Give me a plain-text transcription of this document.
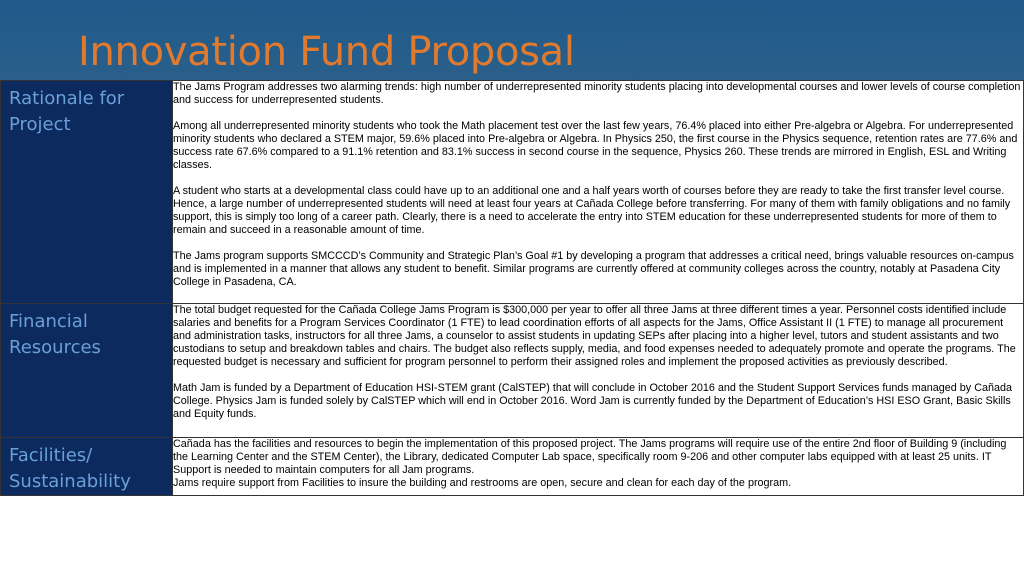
Innovation Fund Proposal
Rationale for Project	The Jams Program addresses two alarming trends: high number of underrepresented minority students placing into developmental courses and lower levels of course completion and success for underrepresented students.

Among all underrepresented minority students who took the Math placement test over the last few years, 76.4% placed into either Pre-algebra or Algebra. For underrepresented minority students who declared a STEM major, 59.6% placed into Pre-algebra or Algebra. In Physics 250, the first course in the Physics sequence, retention rates are 77.6% and success rate 67.6% compared to a 91.1% retention and 83.1% success in second course in the sequence, Physics 260. These trends are mirrored in English, ESL and Writing classes.

A student who starts at a developmental class could have up to an additional one and a half years worth of courses before they are ready to take the first transfer level course. Hence, a large number of underrepresented students will need at least four years at Cañada College before transferring. For many of them with family obligations and no family support, this is simply too long of a career path. Clearly, there is a need to accelerate the entry into STEM education for these underrepresented students for more of them to remain and succeed in a reasonable amount of time.

The Jams program supports SMCCCD’s Community and Strategic Plan’s Goal #1 by developing a program that addresses a critical need, brings valuable resources on-campus and is implemented in a manner that allows any student to benefit. Similar programs are currently offered at community colleges across the country, notably at Pasadena City College in Pasadena, CA.

Financial Resources	The total budget requested for the Cañada College Jams Program is $300,000 per year to offer all three Jams at three different times a year. Personnel costs identified include salaries and benefits for a Program Services Coordinator (1 FTE) to lead coordination efforts of all aspects for the Jams, Office Assistant II (1 FTE) to manage all procurement and administration tasks, instructors for all three Jams, a counselor to assist students in updating SEPs after placing into a higher level, tutors and student assistants and two custodians to setup and breakdown tables and chairs. The budget also reflects supply, media, and food expenses needed to adequately promote and operate the programs. The requested budget is necessary and sufficient for program personnel to perform their assigned roles and implement the proposed activities as previously described.

Math Jam is funded by a Department of Education HSI-STEM grant (CalSTEP) that will conclude in October 2016 and the Student Support Services funds managed by Cañada College. Physics Jam is funded solely by CalSTEP which will end in October 2016. Word Jam is currently funded by the Department of Education’s HSI ESO Grant, Basic Skills and Equity funds.

Facilities/ Sustainability	Cañada has the facilities and resources to begin the implementation of this proposed project. The Jams programs will require use of the entire 2nd floor of Building 9 (including the Learning Center and the STEM Center), the Library, dedicated Computer Lab space, specifically room 9-206 and other computer labs equipped with at least 25 units. IT Support is needed to maintain computers for all Jam programs.

Jams require support from Facilities to insure the building and restrooms are open, secure and clean for each day of the program.
